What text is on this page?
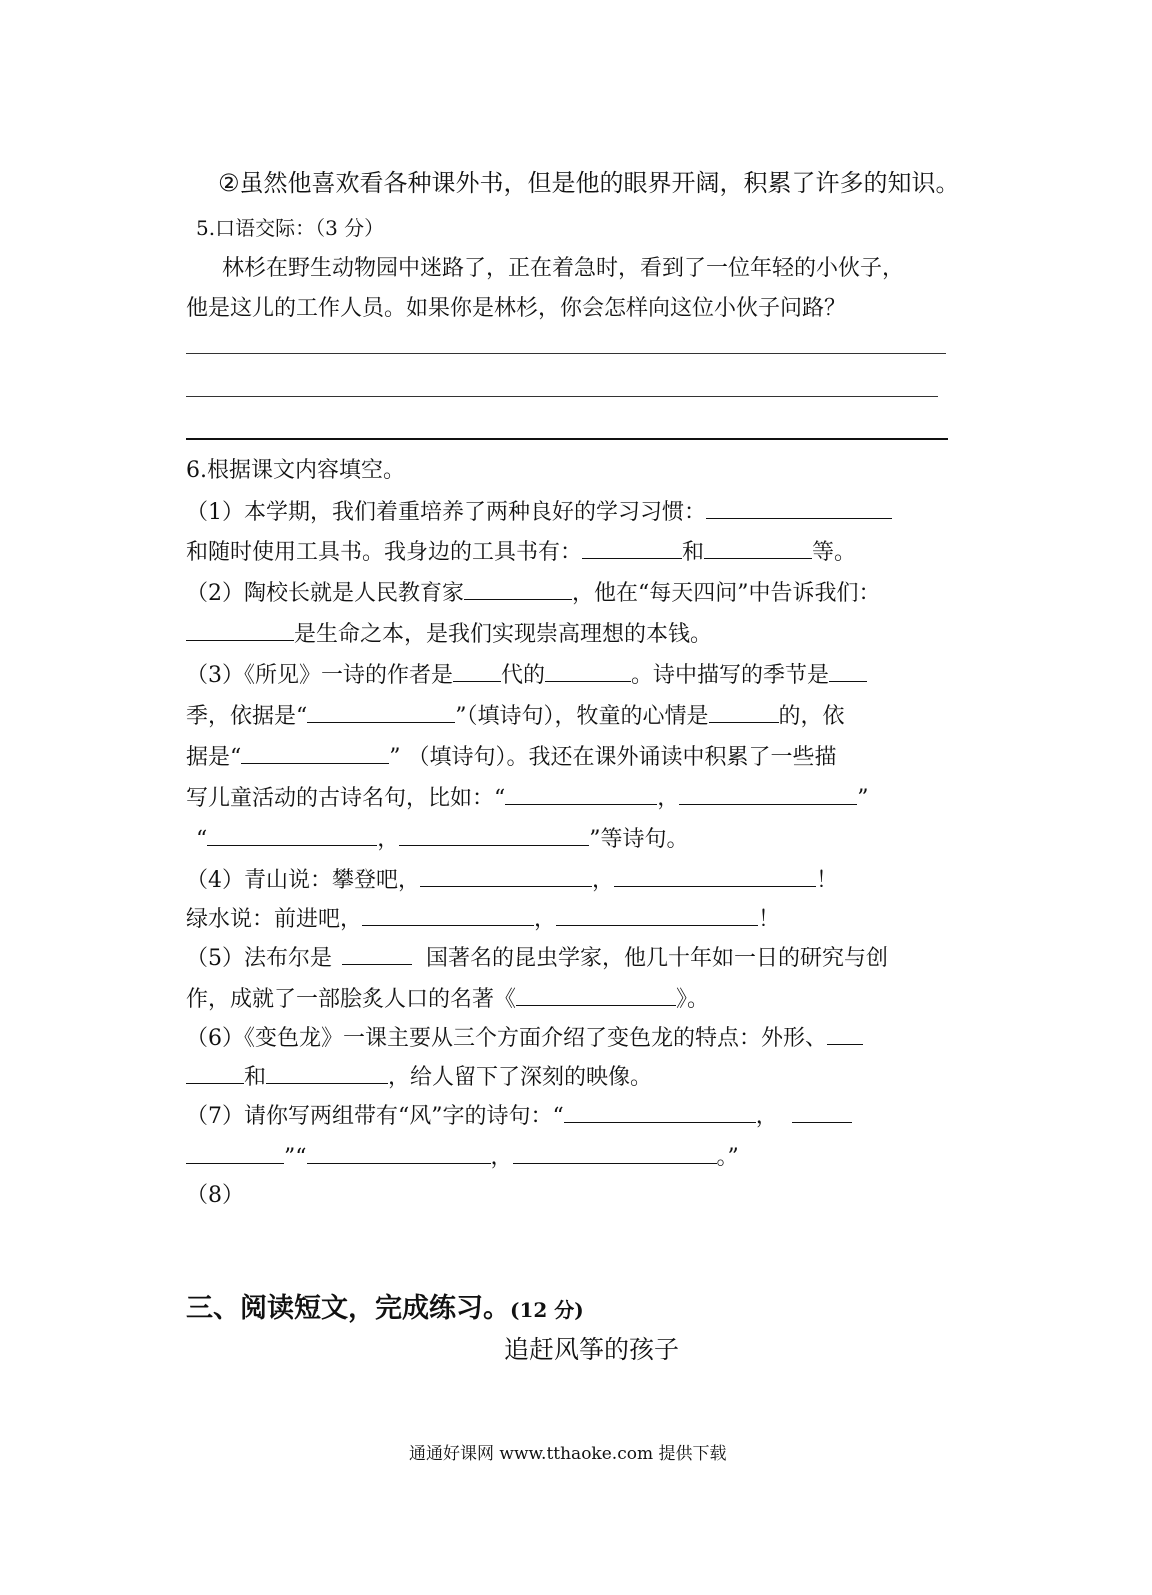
②虽然他喜欢看各种课外书，但是他的眼界开阔，积累了许多的知识。
5.口语交际：（3 分）
林杉在野生动物园中迷路了，正在着急时，看到了一位年轻的小伙子，
他是这儿的工作人员。如果你是林杉，你会怎样向这位小伙子问路？
6.根据课文内容填空。
（1）本学期，我们着重培养了两种良好的学习习惯：
和随时使用工具书。我身边的工具书有：	和	等。
（2）陶校长就是人民教育家	，他在“每天四问”中告诉我们：
是生命之本，是我们实现崇高理想的本钱。
（3）《所见》一诗的作者是 代的	。诗中描写的季节是
季，依据是“	”（填诗句），牧童的心情是	的，依
据是“	” （填诗句）。我还在课外诵读中积累了一些描
写儿童活动的古诗名句，比如：“	，	”
“	，	”等诗句。
（4）青山说：攀登吧，	，	！
绿水说：前进吧，	，	！
（5）法布尔是	国著名的昆虫学家，他几十年如一日的研究与创
作，成就了一部脍炙人口的名著《	》。
（6）《变色龙》一课主要从三个方面介绍了变色龙的特点：外形、
和	，给人留下了深刻的映像。
（7）请你写两组带有“风”字的诗句：“	，
”“	，	。”
（8）
三、阅读短文，完成练习。(12 分)
追赶风筝的孩子
通通好课网 www.tthaoke.com 提供下载
